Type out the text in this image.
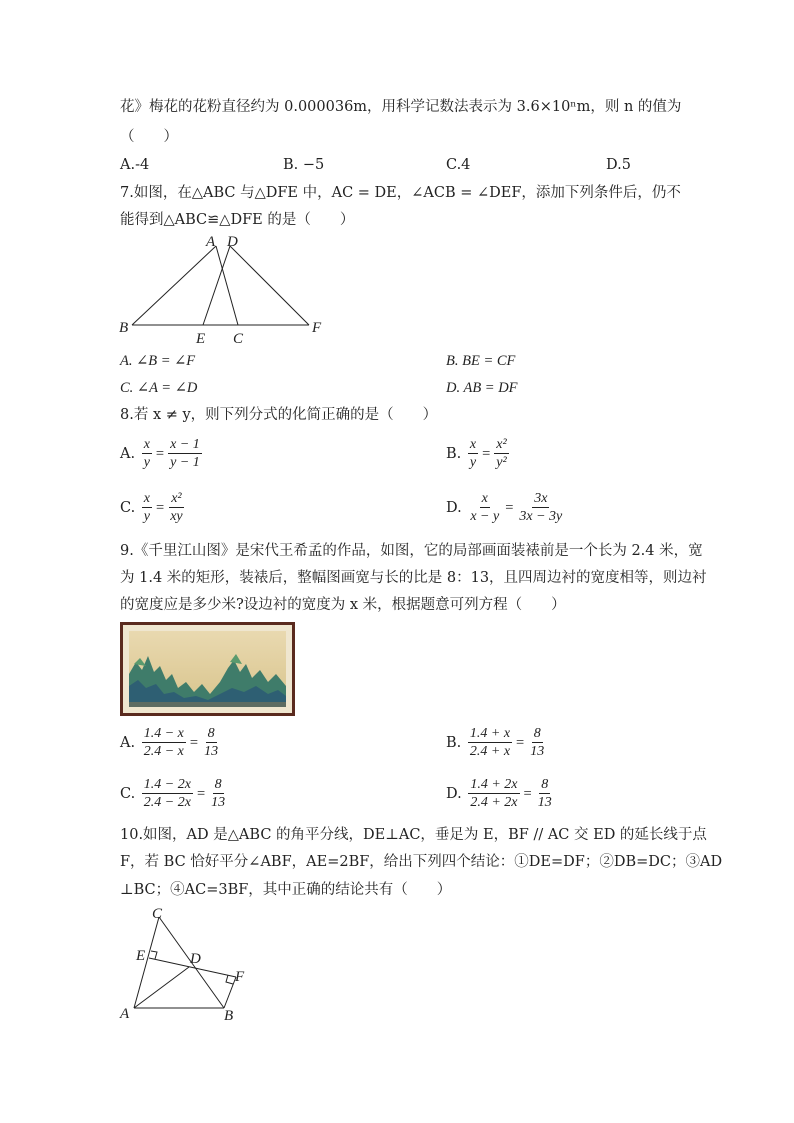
花》梅花的花粉直径约为 0.000036m，用科学记数法表示为 3.6×10ⁿm，则 n 的值为
（　　）
A.-4	B. −5	C.4	D.5
7.如图，在△ABC 与△DFE 中，AC = DE，∠ACB = ∠DEF，添加下列条件后，仍不
能得到△ABC≌△DFE 的是（　　）
A D
B
E C
F
A. ∠B = ∠F	B. BE = CF
C. ∠A = ∠D	D. AB = DF
8.若 x ≠ y，则下列分式的化简正确的是（　　）
A. $\frac{x}{y} = \frac{x - 1}{y - 1}$	B. $\frac{x}{y} = \frac{\text{x²}}{\text{y²}}$
C. $\frac{x}{y} = \frac{\text{x²}}{xy}$	D. $\frac{x}{x - y} = \frac{3x}{3x - 3y}$
9.《千里江山图》是宋代王希孟的作品，如图，它的局部画面装裱前是一个长为 2.4 米，宽
为 1.4 米的矩形，装裱后，整幅图画宽与长的比是 8：13，且四周边衬的宽度相等，则边衬
的宽度应是多少米?设边衬的宽度为 x 米，根据题意可列方程（　　）
A. $\frac{1.4 - x}{2.4 - x} = \frac{8}{13}$	B. $\frac{1.4 + x}{2.4 + x} = \frac{8}{13}$
C. $\frac{1.4 - 2x}{2.4 - 2x} = \frac{8}{13}$	D. $\frac{1.4 + 2x}{2.4 + 2x} = \frac{8}{13}$
10.如图，AD 是△ABC 的角平分线，DE⊥AC，垂足为 E，BF // AC 交 ED 的延长线于点
F，若 BC 恰好平分∠ABF，AE=2BF，给出下列四个结论：①DE=DF；②DB=DC；③AD
⊥BC；④AC=3BF，其中正确的结论共有（　　）
C
E	D
F
A	B
